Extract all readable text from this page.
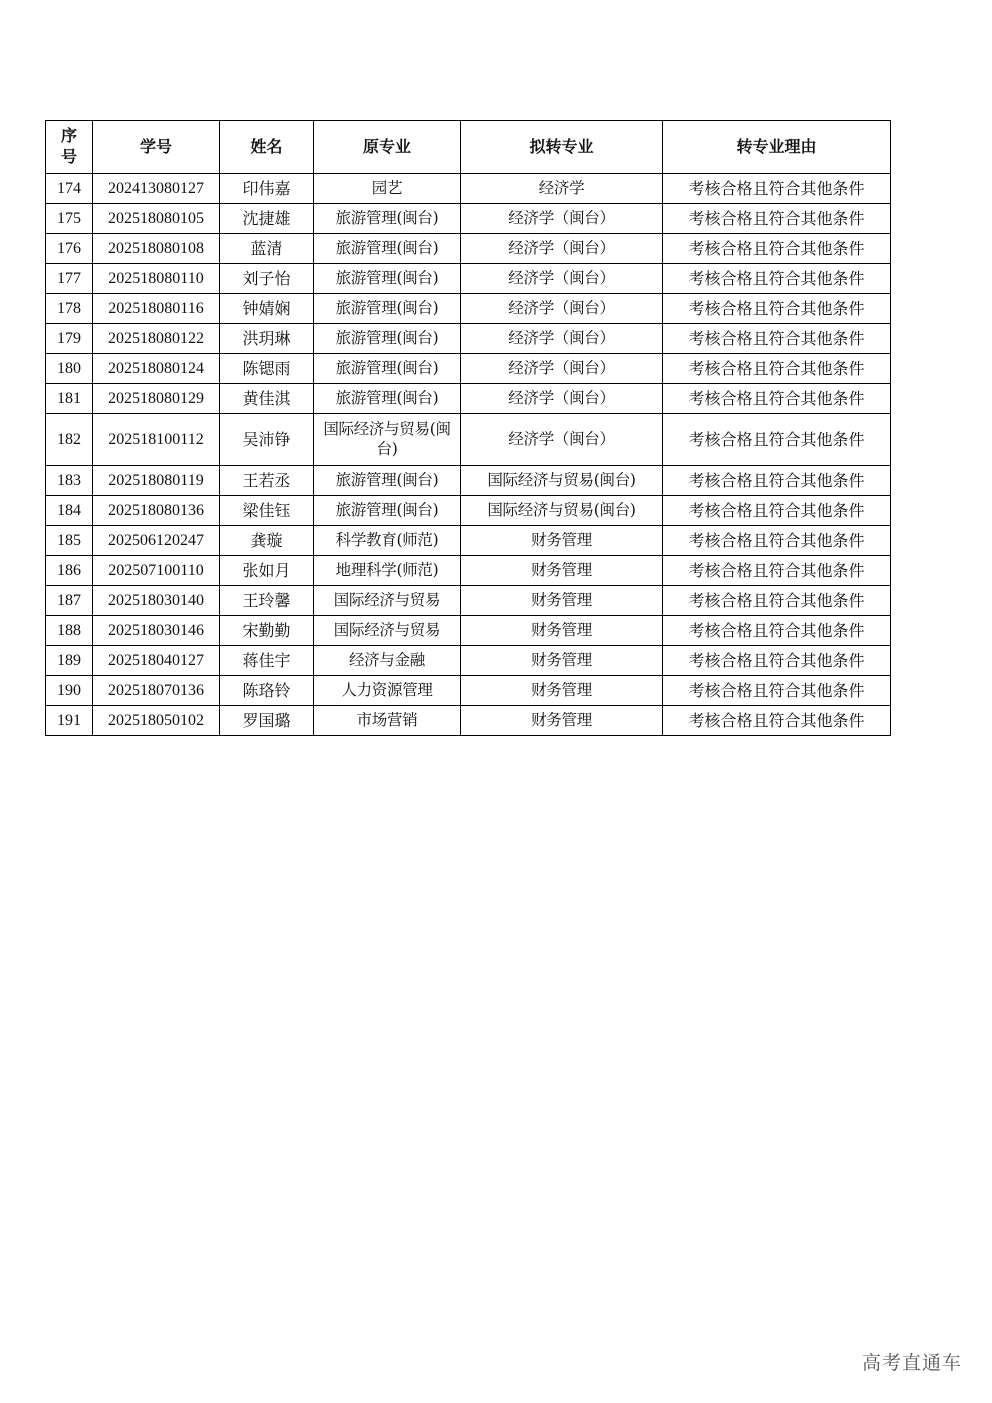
序号	学号	姓名	原专业	拟转专业	转专业理由
174	202413080127	印伟嘉	园艺	经济学	考核合格且符合其他条件
175	202518080105	沈捷雄	旅游管理(闽台)	经济学（闽台）	考核合格且符合其他条件
176	202518080108	蓝清	旅游管理(闽台)	经济学（闽台）	考核合格且符合其他条件
177	202518080110	刘子怡	旅游管理(闽台)	经济学（闽台）	考核合格且符合其他条件
178	202518080116	钟婧娴	旅游管理(闽台)	经济学（闽台）	考核合格且符合其他条件
179	202518080122	洪玥琳	旅游管理(闽台)	经济学（闽台）	考核合格且符合其他条件
180	202518080124	陈锶雨	旅游管理(闽台)	经济学（闽台）	考核合格且符合其他条件
181	202518080129	黄佳淇	旅游管理(闽台)	经济学（闽台）	考核合格且符合其他条件
182	202518100112	吴沛铮	国际经济与贸易(闽台)	经济学（闽台）	考核合格且符合其他条件
183	202518080119	王若丞	旅游管理(闽台)	国际经济与贸易(闽台)	考核合格且符合其他条件
184	202518080136	梁佳钰	旅游管理(闽台)	国际经济与贸易(闽台)	考核合格且符合其他条件
185	202506120247	龚璇	科学教育(师范)	财务管理	考核合格且符合其他条件
186	202507100110	张如月	地理科学(师范)	财务管理	考核合格且符合其他条件
187	202518030140	王玲馨	国际经济与贸易	财务管理	考核合格且符合其他条件
188	202518030146	宋勤勤	国际经济与贸易	财务管理	考核合格且符合其他条件
189	202518040127	蒋佳宇	经济与金融	财务管理	考核合格且符合其他条件
190	202518070136	陈珞铃	人力资源管理	财务管理	考核合格且符合其他条件
191	202518050102	罗国璐	市场营销	财务管理	考核合格且符合其他条件
高考直通车
